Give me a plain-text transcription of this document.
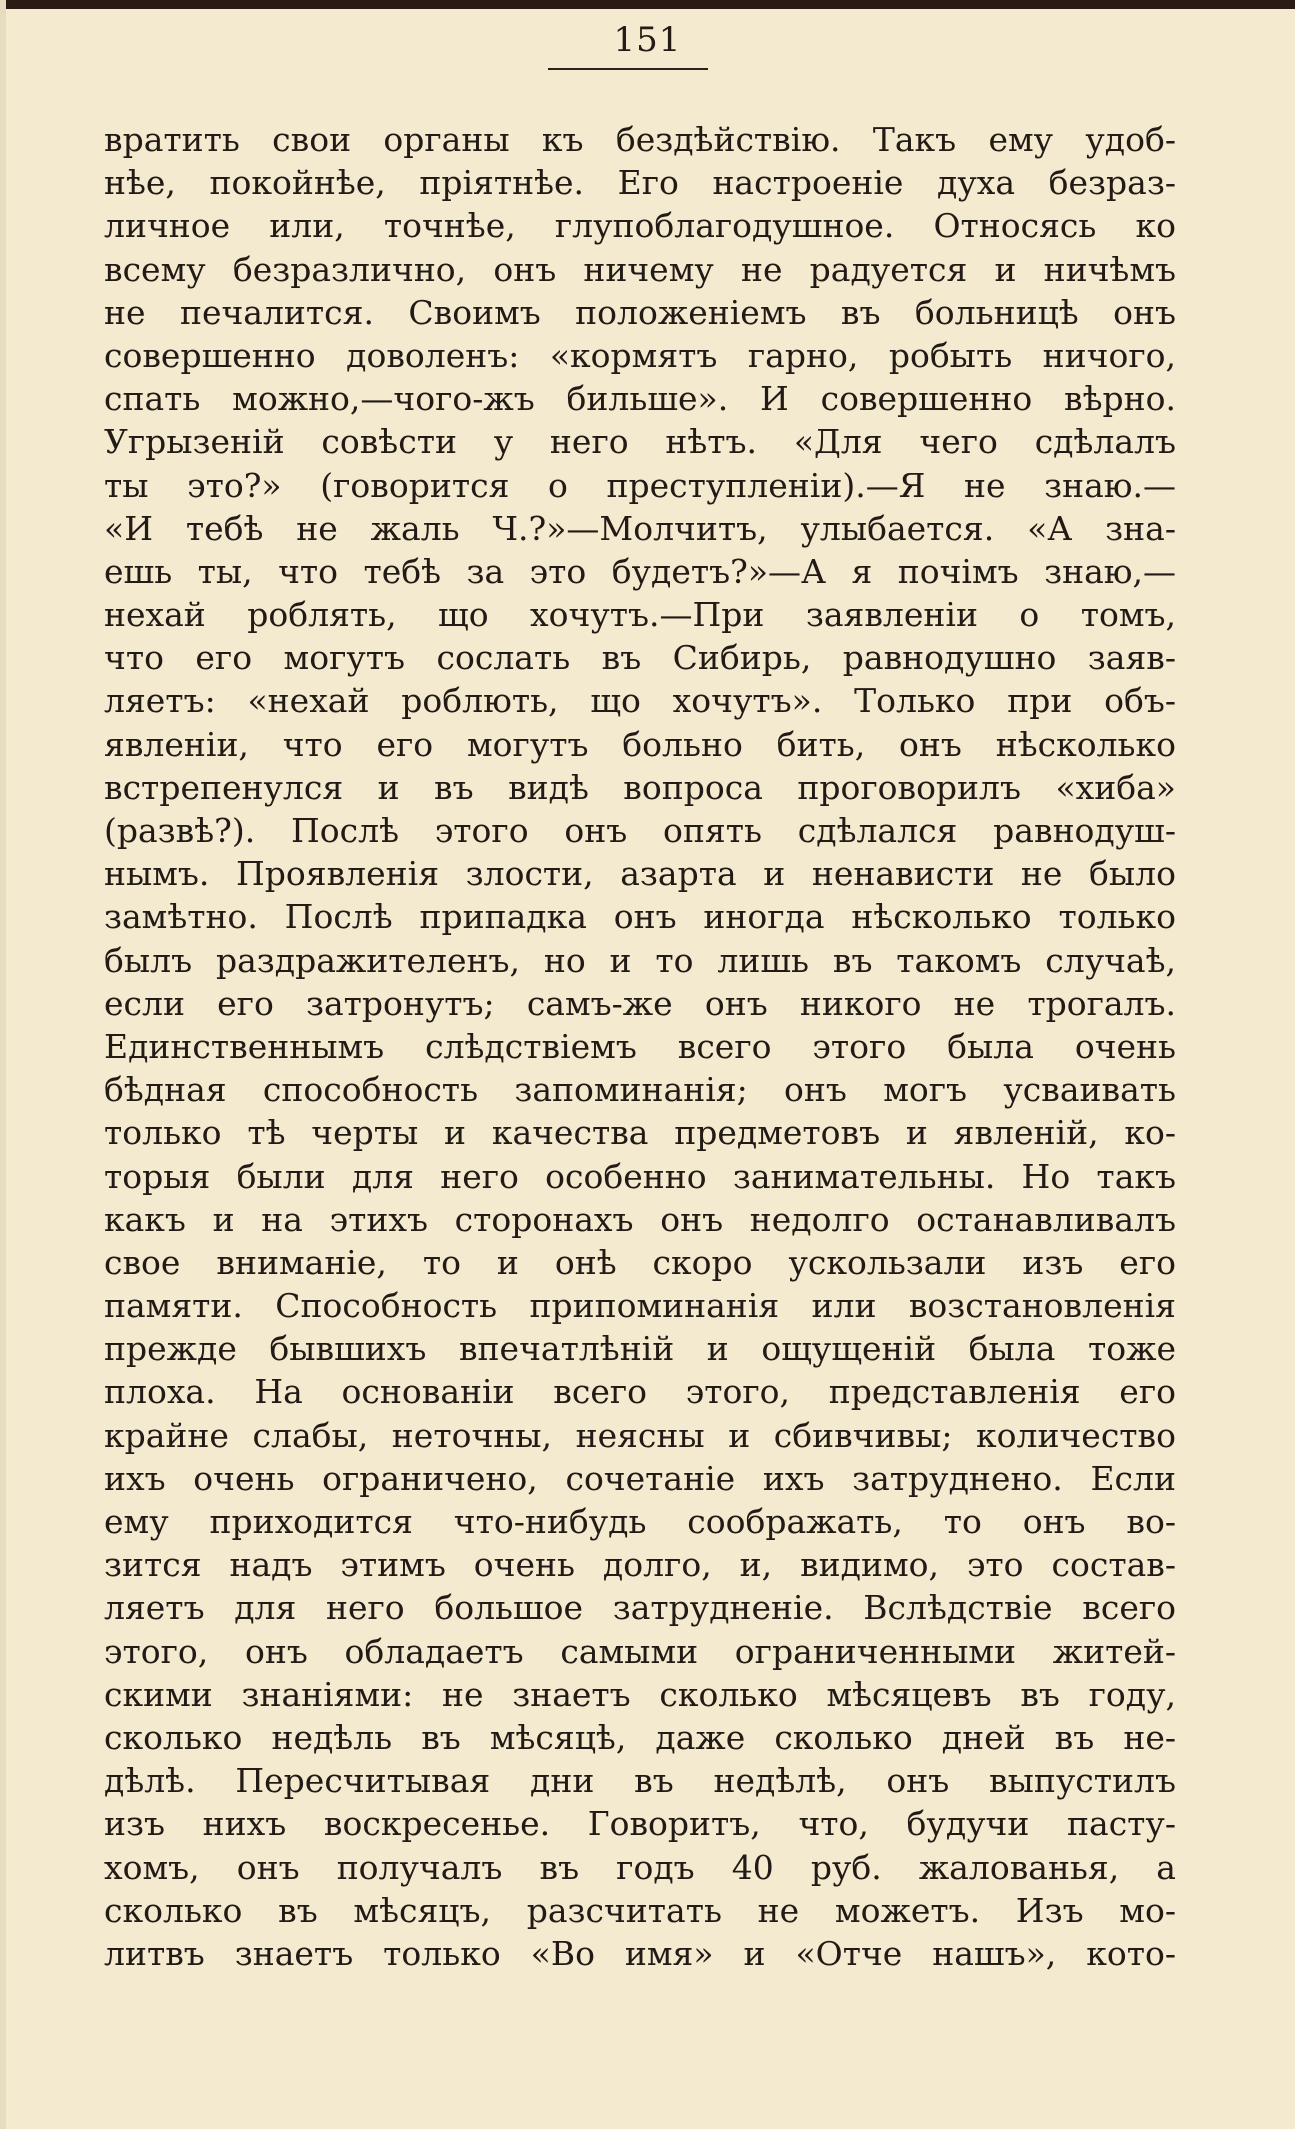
151
вратить свои органы къ бездѣйствію. Такъ ему удоб-
нѣе, покойнѣе, пріятнѣе. Его настроеніе духа безраз-
личное или, точнѣе, глупоблагодушное. Относясь ко
всему безразлично, онъ ничему не радуется и ничѣмъ
не печалится. Своимъ положеніемъ въ больницѣ онъ
совершенно доволенъ: «кормятъ гарно, робыть ничого,
спать можно,—чого-жъ бильше». И совершенно вѣрно.
Угрызеній совѣсти у него нѣтъ. «Для чего сдѣлалъ
ты это?» (говорится о преступленіи).—Я не знаю.—
«И тебѣ не жаль Ч.?»—Молчитъ, улыбается. «А зна-
ешь ты, что тебѣ за это будетъ?»—А я почімъ знаю,—
нехай роблять, що хочутъ.—При заявленіи о томъ,
что его могутъ сослать въ Сибирь, равнодушно заяв-
ляетъ: «нехай роблють, що хочутъ». Только при объ-
явленіи, что его могутъ больно бить, онъ нѣсколько
встрепенулся и въ видѣ вопроса проговорилъ «хиба»
(развѣ?). Послѣ этого онъ опять сдѣлался равнодуш-
нымъ. Проявленія злости, азарта и ненависти не было
замѣтно. Послѣ припадка онъ иногда нѣсколько только
былъ раздражителенъ, но и то лишь въ такомъ случаѣ,
если его затронутъ; самъ-же онъ никого не трогалъ.
Единственнымъ слѣдствіемъ всего этого была очень
бѣдная способность запоминанія; онъ могъ усваивать
только тѣ черты и качества предметовъ и явленій, ко-
торыя были для него особенно занимательны. Но такъ
какъ и на этихъ сторонахъ онъ недолго останавливалъ
свое вниманіе, то и онѣ скоро ускользали изъ его
памяти. Способность припоминанія или возстановленія
прежде бывшихъ впечатлѣній и ощущеній была тоже
плоха. На основаніи всего этого, представленія его
крайне слабы, неточны, неясны и сбивчивы; количество
ихъ очень ограничено, сочетаніе ихъ затруднено. Если
ему приходится что-нибудь соображать, то онъ во-
зится надъ этимъ очень долго, и, видимо, это состав-
ляетъ для него большое затрудненіе. Вслѣдствіе всего
этого, онъ обладаетъ самыми ограниченными житей-
скими знаніями: не знаетъ сколько мѣсяцевъ въ году,
сколько недѣль въ мѣсяцѣ, даже сколько дней въ не-
дѣлѣ. Пересчитывая дни въ недѣлѣ, онъ выпустилъ
изъ нихъ воскресенье. Говоритъ, что, будучи пасту-
хомъ, онъ получалъ въ годъ 40 руб. жалованья, а
сколько въ мѣсяцъ, разсчитать не можетъ. Изъ мо-
литвъ знаетъ только «Во имя» и «Отче нашъ», кото-
